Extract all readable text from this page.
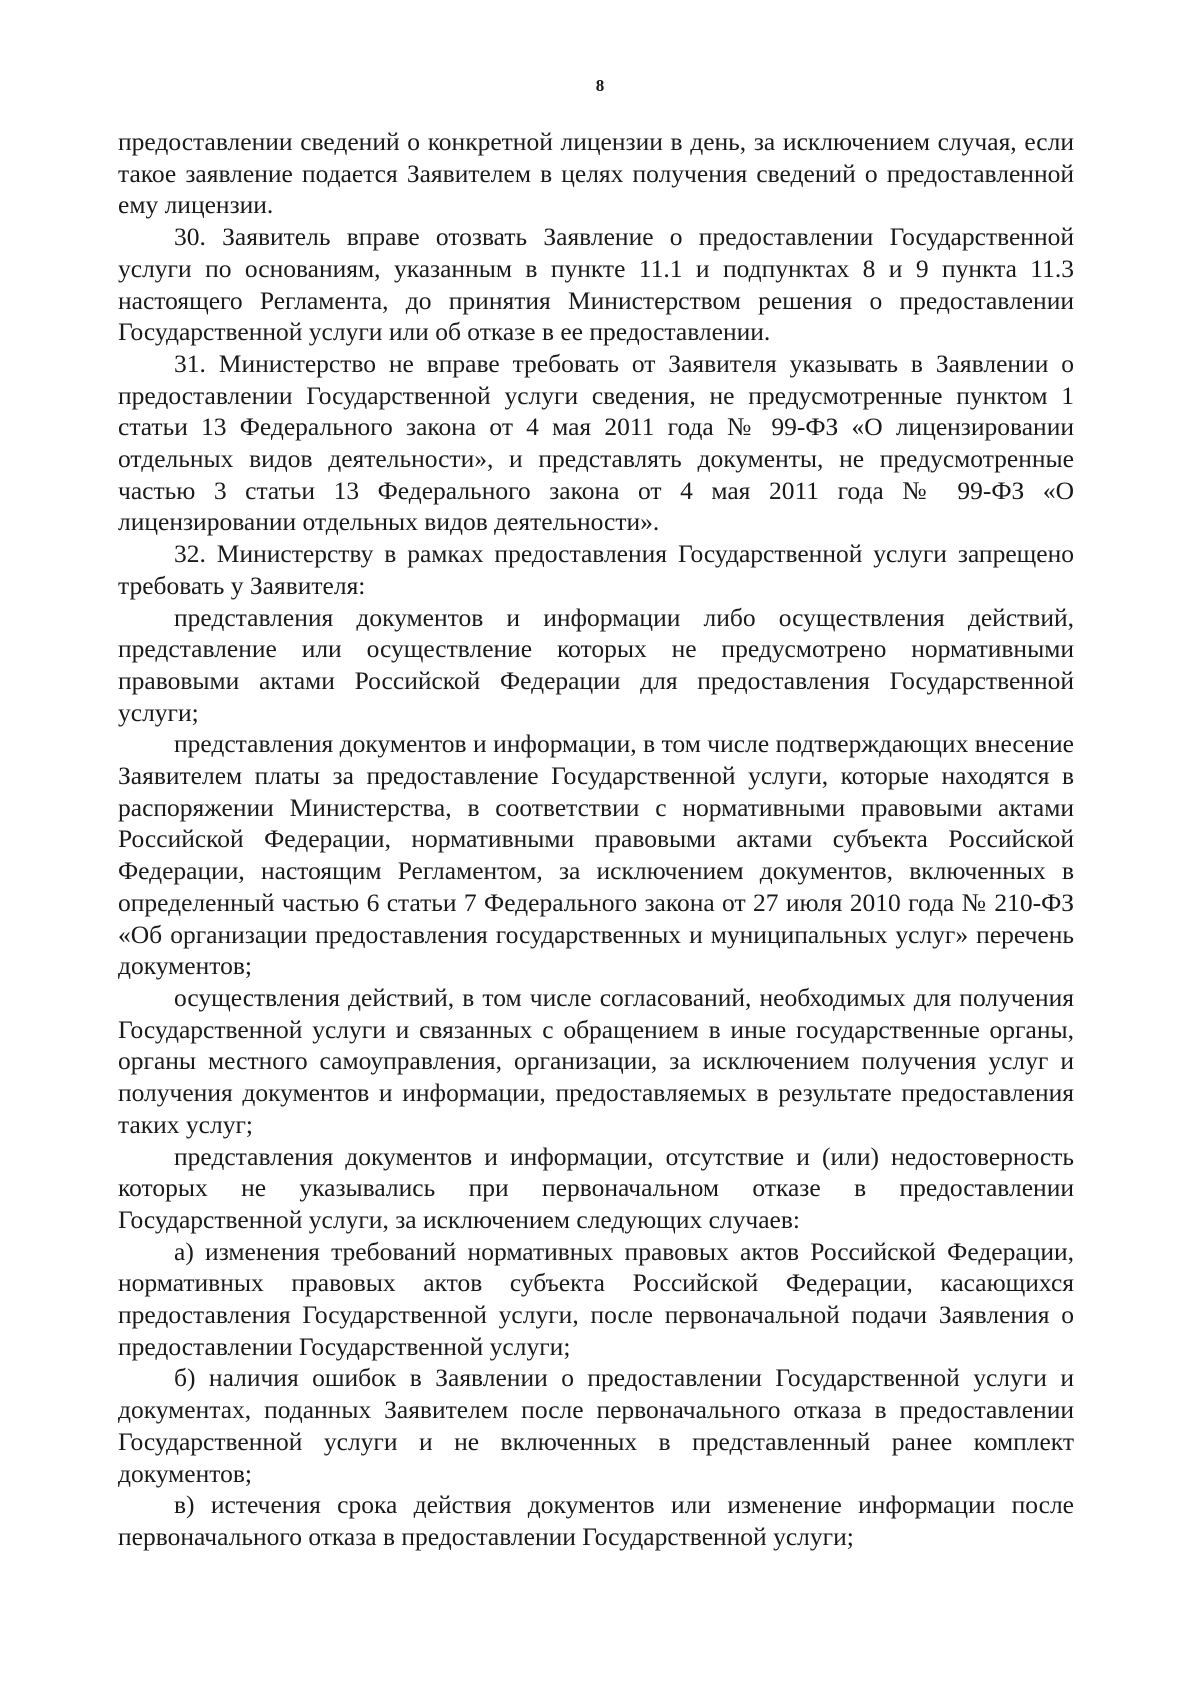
8

предоставлении сведений о конкретной лицензии в день, за исключением случая, если такое заявление подается Заявителем в целях получения сведений о предоставленной ему лицензии.

30. Заявитель вправе отозвать Заявление о предоставлении Государственной услуги по основаниям, указанным в пункте 11.1 и подпунктах 8 и 9 пункта 11.3 настоящего Регламента, до принятия Министерством решения о предоставлении Государственной услуги или об отказе в ее предоставлении.

31. Министерство не вправе требовать от Заявителя указывать в Заявлении о предоставлении Государственной услуги сведения, не предусмотренные пунктом 1 статьи 13 Федерального закона от 4 мая 2011 года № 99-ФЗ «О лицензировании отдельных видов деятельности», и представлять документы, не предусмотренные частью 3 статьи 13 Федерального закона от 4 мая 2011 года № 99-ФЗ «О лицензировании отдельных видов деятельности».

32. Министерству в рамках предоставления Государственной услуги запрещено требовать у Заявителя:

представления документов и информации либо осуществления действий, представление или осуществление которых не предусмотрено нормативными правовыми актами Российской Федерации для предоставления Государственной услуги;

представления документов и информации, в том числе подтверждающих внесение Заявителем платы за предоставление Государственной услуги, которые находятся в распоряжении Министерства, в соответствии с нормативными правовыми актами Российской Федерации, нормативными правовыми актами субъекта Российской Федерации, настоящим Регламентом, за исключением документов, включенных в определенный частью 6 статьи 7 Федерального закона от 27 июля 2010 года № 210-ФЗ «Об организации предоставления государственных и муниципальных услуг» перечень документов;

осуществления действий, в том числе согласований, необходимых для получения Государственной услуги и связанных с обращением в иные государственные органы, органы местного самоуправления, организации, за исключением получения услуг и получения документов и информации, предоставляемых в результате предоставления таких услуг;

представления документов и информации, отсутствие и (или) недостоверность которых не указывались при первоначальном отказе в предоставлении Государственной услуги, за исключением следующих случаев:

а) изменения требований нормативных правовых актов Российской Федерации, нормативных правовых актов субъекта Российской Федерации, касающихся предоставления Государственной услуги, после первоначальной подачи Заявления о предоставлении Государственной услуги;

б) наличия ошибок в Заявлении о предоставлении Государственной услуги и документах, поданных Заявителем после первоначального отказа в предоставлении Государственной услуги и не включенных в представленный ранее комплект документов;

в) истечения срока действия документов или изменение информации после первоначального отказа в предоставлении Государственной услуги;
